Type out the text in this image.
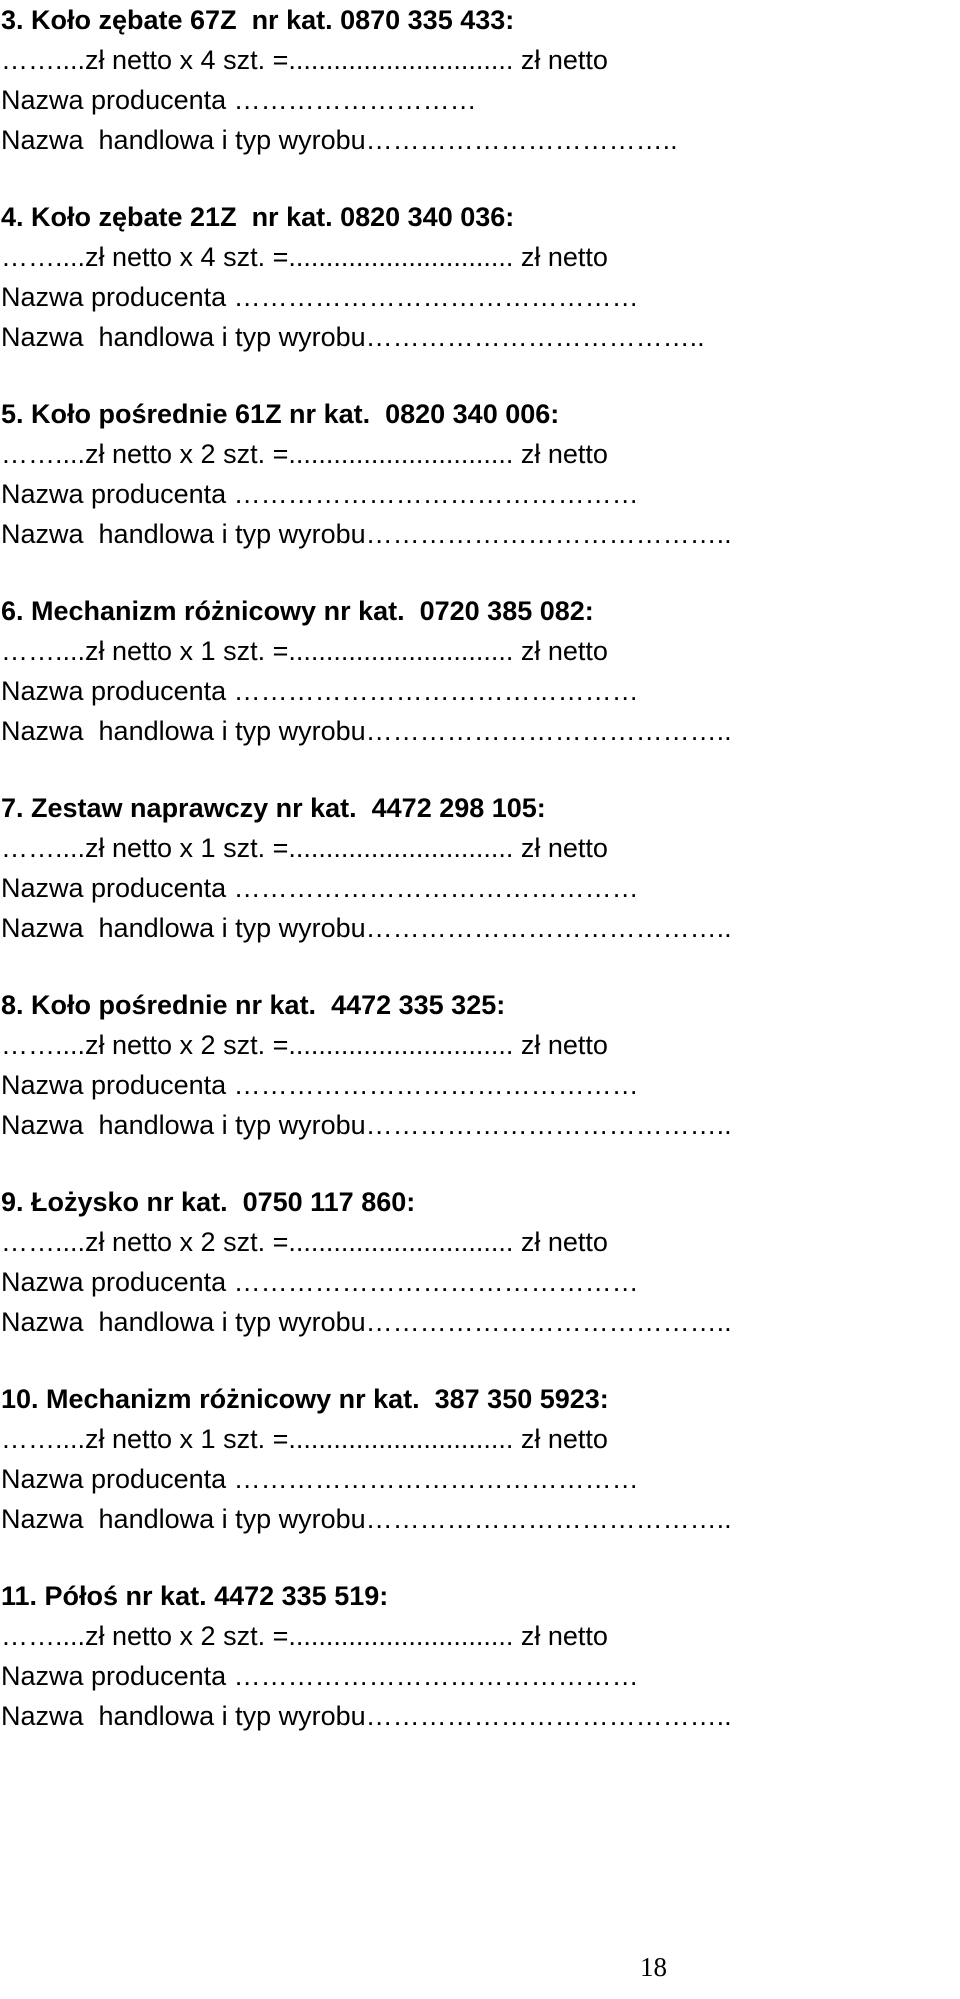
3. Koło zębate 67Z  nr kat. 0870 335 433:
……....zł netto x 4 szt. =.............................. zł netto
Nazwa producenta ………………………
Nazwa  handlowa i typ wyrobu……………………………..
4. Koło zębate 21Z  nr kat. 0820 340 036:
……....zł netto x 4 szt. =.............................. zł netto
Nazwa producenta ………………………………………
Nazwa  handlowa i typ wyrobu………………………………..
5. Koło pośrednie 61Z nr kat.  0820 340 006:
……....zł netto x 2 szt. =.............................. zł netto
Nazwa producenta ………………………………………
Nazwa  handlowa i typ wyrobu…………………………………..
6. Mechanizm różnicowy nr kat.  0720 385 082:
……....zł netto x 1 szt. =.............................. zł netto
Nazwa producenta ………………………………………
Nazwa  handlowa i typ wyrobu…………………………………..
7. Zestaw naprawczy nr kat.  4472 298 105:
……....zł netto x 1 szt. =.............................. zł netto
Nazwa producenta ………………………………………
Nazwa  handlowa i typ wyrobu…………………………………..
8. Koło pośrednie nr kat.  4472 335 325:
……....zł netto x 2 szt. =.............................. zł netto
Nazwa producenta ………………………………………
Nazwa  handlowa i typ wyrobu…………………………………..
9. Łożysko nr kat.  0750 117 860:
……....zł netto x 2 szt. =.............................. zł netto
Nazwa producenta ………………………………………
Nazwa  handlowa i typ wyrobu…………………………………..
10. Mechanizm różnicowy nr kat.  387 350 5923:
……....zł netto x 1 szt. =.............................. zł netto
Nazwa producenta ………………………………………
Nazwa  handlowa i typ wyrobu…………………………………..
11. Półoś nr kat. 4472 335 519:
……....zł netto x 2 szt. =.............................. zł netto
Nazwa producenta ………………………………………
Nazwa  handlowa i typ wyrobu…………………………………..
18
